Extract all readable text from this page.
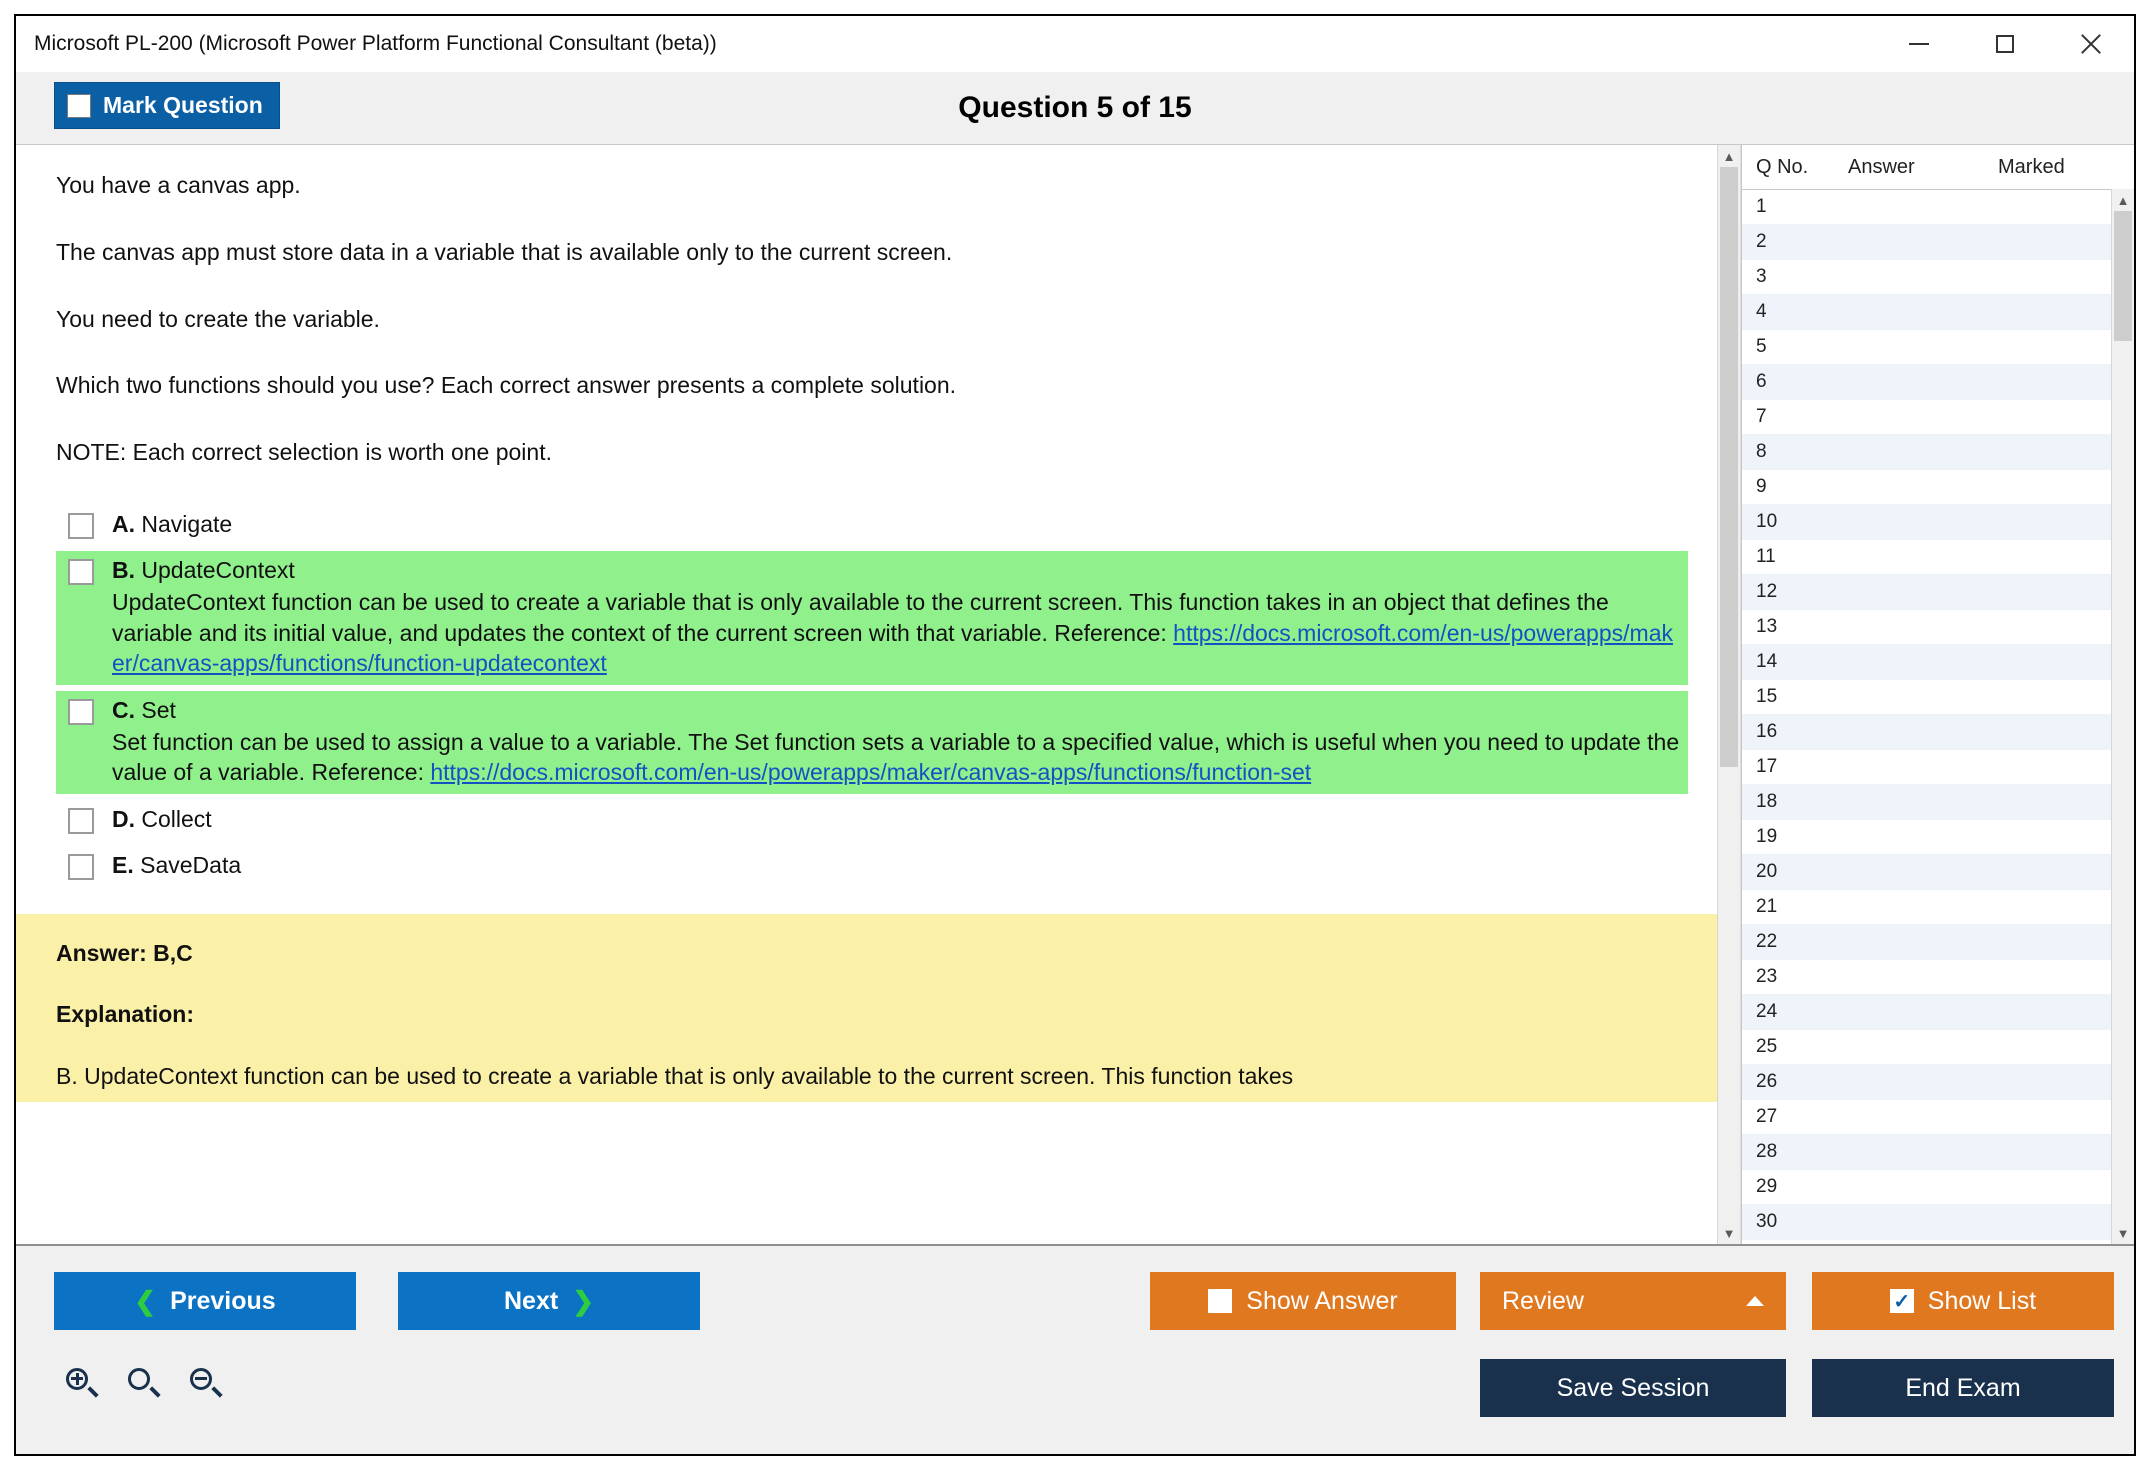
Microsoft PL-200 (Microsoft Power Platform Functional Consultant (beta))
Mark Question	Question 5 of 15

You have a canvas app.

The canvas app must store data in a variable that is available only to the current screen.

You need to create the variable.

Which two functions should you use? Each correct answer presents a complete solution.

NOTE: Each correct selection is worth one point.

A. Navigate
B. UpdateContext
UpdateContext function can be used to create a variable that is only available to the current screen. This function takes in an object that defines the variable and its initial value, and updates the context of the current screen with that variable. Reference: https://docs.microsoft.com/en-us/powerapps/maker/canvas-apps/functions/function-updatecontext
C. Set
Set function can be used to assign a value to a variable. The Set function sets a variable to a specified value, which is useful when you need to update the value of a variable. Reference: https://docs.microsoft.com/en-us/powerapps/maker/canvas-apps/functions/function-set
D. Collect
E. SaveData

Answer: B,C

Explanation:

B. UpdateContext function can be used to create a variable that is only available to the current screen. This function takes

▲
▼
Q No.	Answer	Marked
1
2
3
4
5
6
7
8
9
10
11
12
13
14
15
16
17
18
19
20
21
22
23
24
25
26
27
28
29
30
▲
▼
❮ Previous	Next ❯	Show Answer	Review	✓ Show List
Save Session	End Exam
